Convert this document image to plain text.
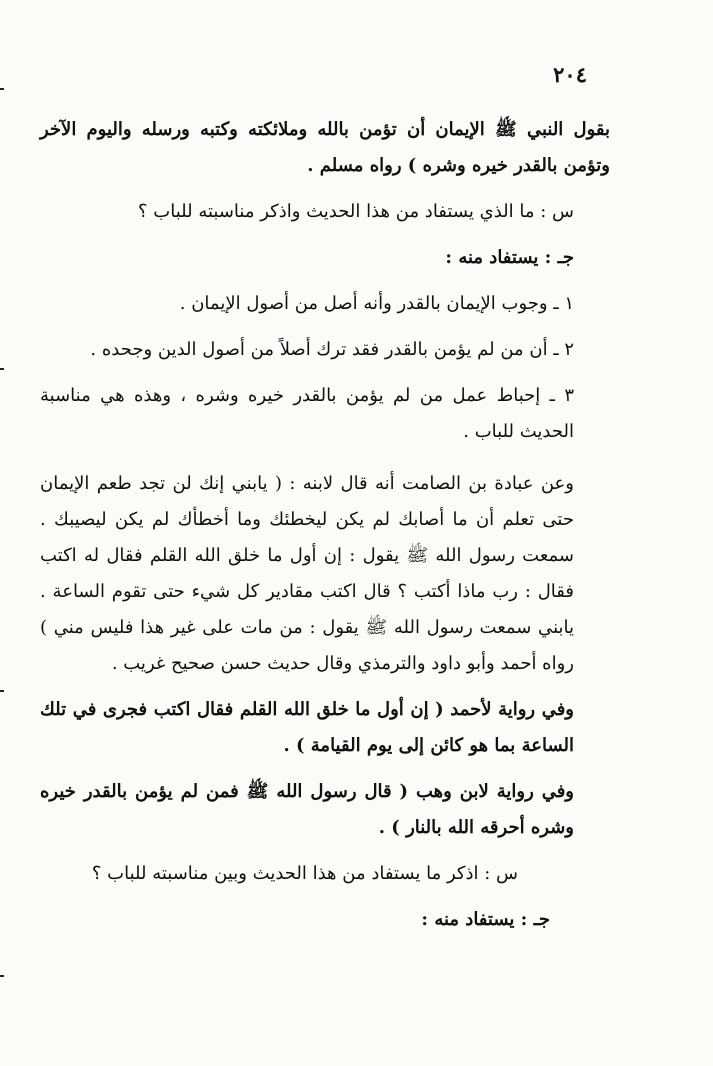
٢٠٤
بقول النبي ﷺ الإيمان أن تؤمن بالله وملائكته وكتبه ورسله واليوم الآخر وتؤمن بالقدر خيره وشره ) رواه مسلم .
س : ما الذي يستفاد من هذا الحديث واذكر مناسبته للباب ؟
جـ : يستفاد منه :
١ ـ وجوب الإيمان بالقدر وأنه أصل من أصول الإيمان .
٢ ـ أن من لم يؤمن بالقدر فقد ترك أصلاً من أصول الدين وجحده .
٣ ـ إحباط عمل من لم يؤمن بالقدر خيره وشره ، وهذه هي مناسبة الحديث للباب .
وعن عبادة بن الصامت أنه قال لابنه : ( يابني إنك لن تجد طعم الإيمان حتى تعلم أن ما أصابك لم يكن ليخطئك وما أخطأك لم يكن ليصيبك . سمعت رسول الله ﷺ يقول : إن أول ما خلق الله القلم فقال له اكتب فقال : رب ماذا أكتب ؟ قال اكتب مقادير كل شيء حتى تقوم الساعة . يابني سمعت رسول الله ﷺ يقول : من مات على غير هذا فليس مني ) رواه أحمد وأبو داود والترمذي وقال حديث حسن صحيح غريب .
وفي رواية لأحمد ( إن أول ما خلق الله القلم فقال اكتب فجرى في تلك الساعة بما هو كائن إلى يوم القيامة ) .
وفي رواية لابن وهب ( قال رسول الله ﷺ فمن لم يؤمن بالقدر خيره وشره أحرقه الله بالنار ) .
س : اذكر ما يستفاد من هذا الحديث وبين مناسبته للباب ؟
جـ : يستفاد منه :
